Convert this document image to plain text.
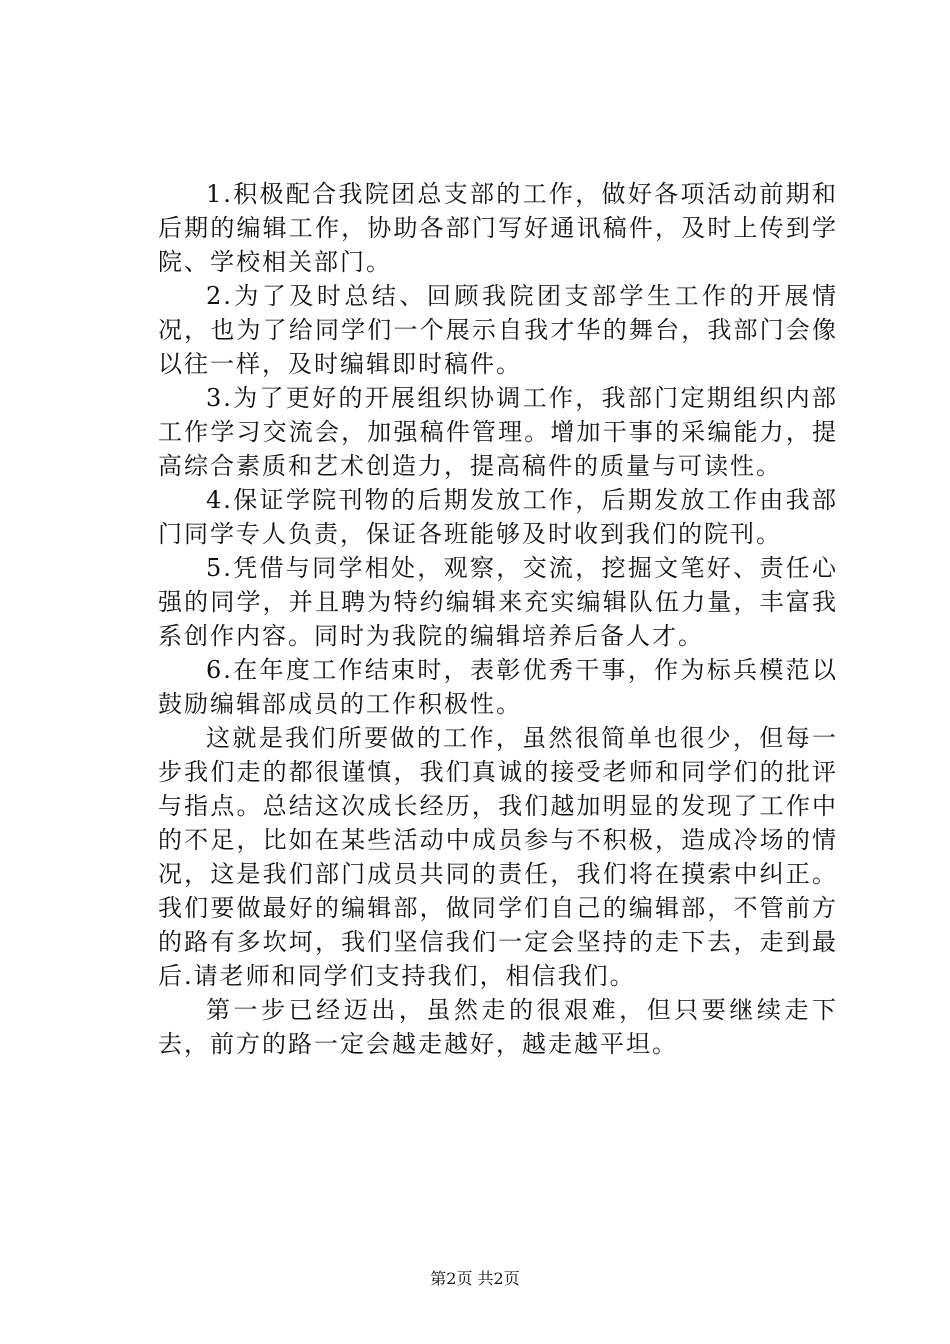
1.积极配合我院团总支部的工作，做好各项活动前期和后期的编辑工作，协助各部门写好通讯稿件，及时上传到学院、学校相关部门。

2.为了及时总结、回顾我院团支部学生工作的开展情况，也为了给同学们一个展示自我才华的舞台，我部门会像以往一样，及时编辑即时稿件。

3.为了更好的开展组织协调工作，我部门定期组织内部工作学习交流会，加强稿件管理。增加干事的采编能力，提高综合素质和艺术创造力，提高稿件的质量与可读性。

4.保证学院刊物的后期发放工作，后期发放工作由我部门同学专人负责，保证各班能够及时收到我们的院刊。

5.凭借与同学相处，观察，交流，挖掘文笔好、责任心强的同学，并且聘为特约编辑来充实编辑队伍力量，丰富我系创作内容。同时为我院的编辑培养后备人才。

6.在年度工作结束时，表彰优秀干事，作为标兵模范以鼓励编辑部成员的工作积极性。

这就是我们所要做的工作，虽然很简单也很少，但每一步我们走的都很谨慎，我们真诚的接受老师和同学们的批评与指点。总结这次成长经历，我们越加明显的发现了工作中的不足，比如在某些活动中成员参与不积极，造成冷场的情况，这是我们部门成员共同的责任，我们将在摸索中纠正。我们要做最好的编辑部，做同学们自己的编辑部，不管前方的路有多坎坷，我们坚信我们一定会坚持的走下去，走到最后.请老师和同学们支持我们，相信我们。

第一步已经迈出，虽然走的很艰难，但只要继续走下去，前方的路一定会越走越好，越走越平坦。

第2页 共2页
